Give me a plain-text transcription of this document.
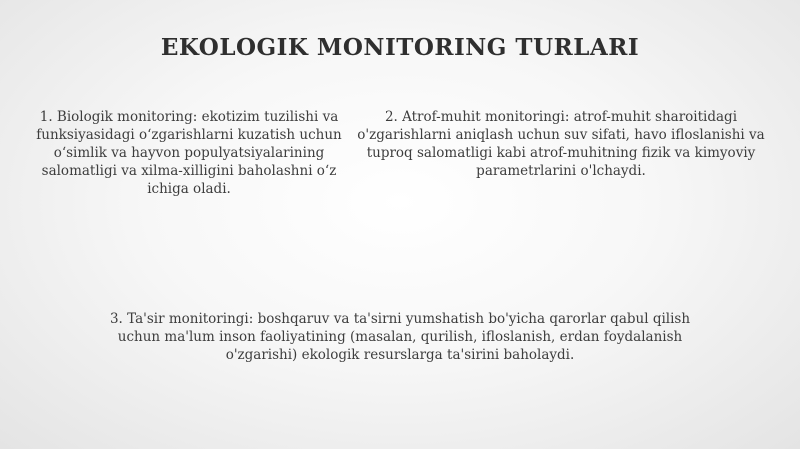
EKOLOGIK MONITORING TURLARI
1. Biologik monitoring: ekotizim tuzilishi va funksiyasidagi o‘zgarishlarni kuzatish uchun o‘simlik va hayvon populyatsiyalarining salomatligi va xilma-xilligini baholashni o‘z ichiga oladi.
2. Atrof-muhit monitoringi: atrof-muhit sharoitidagi o'zgarishlarni aniqlash uchun suv sifati, havo ifloslanishi va tuproq salomatligi kabi atrof-muhitning fizik va kimyoviy parametrlarini o'lchaydi.
3. Ta'sir monitoringi: boshqaruv va ta'sirni yumshatish bo'yicha qarorlar qabul qilish uchun ma'lum inson faoliyatining (masalan, qurilish, ifloslanish, erdan foydalanish o'zgarishi) ekologik resurslarga ta'sirini baholaydi.
